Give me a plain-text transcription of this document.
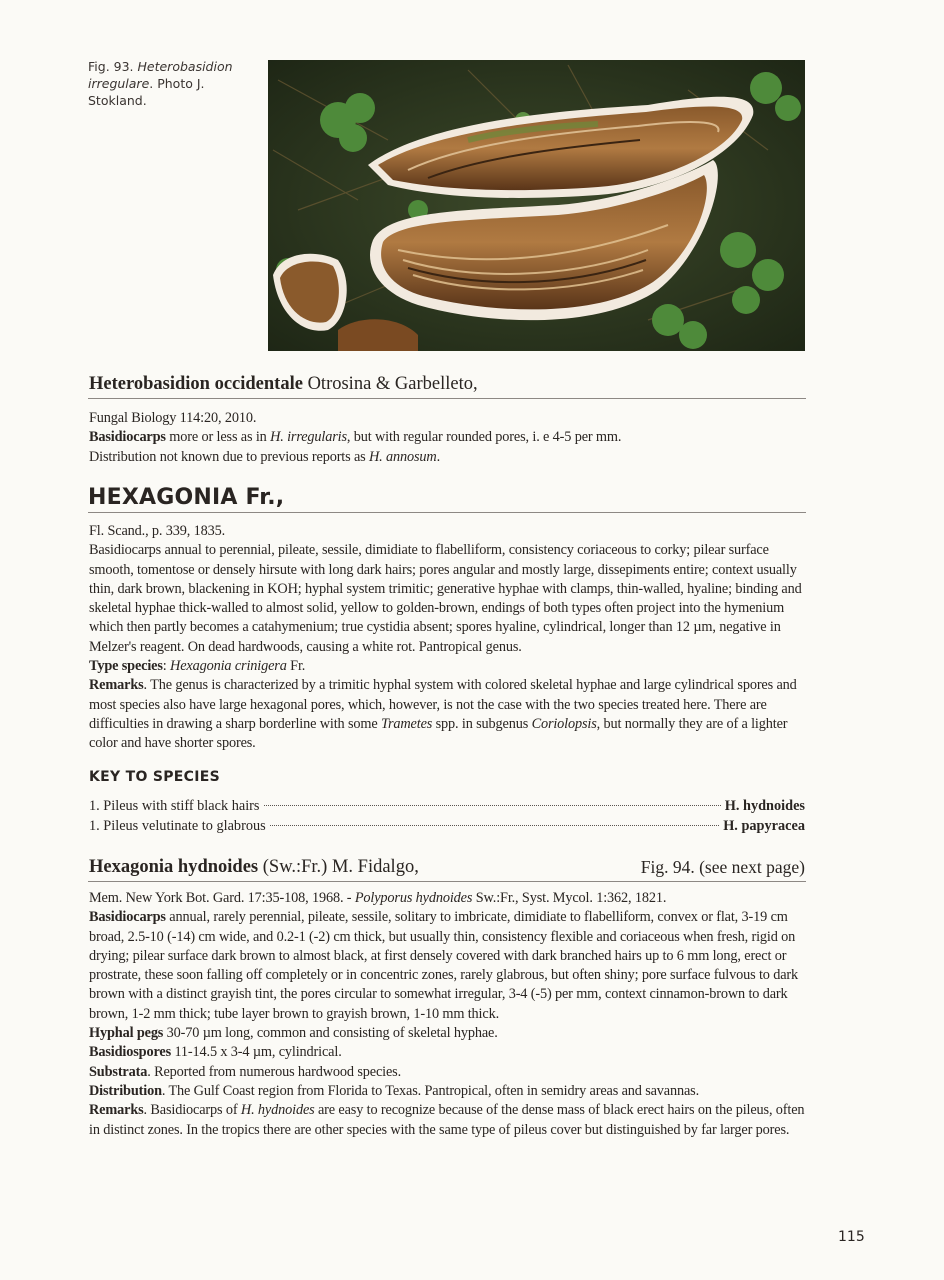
Fig. 93. Heterobasidion irregulare. Photo J. Stokland.
Heterobasidion occidentale Otrosina & Garbelleto,

Fungal Biology 114:20, 2010.

Basidiocarps more or less as in H. irregularis, but with regular rounded pores, i. e 4-5 per mm.

Distribution not known due to previous reports as H. annosum.

HEXAGONIA Fr.,

Fl. Scand., p. 339, 1835.

Basidiocarps annual to perennial, pileate, sessile, dimidiate to flabelliform, consistency coriaceous to corky; pilear surface smooth, tomentose or densely hirsute with long dark hairs; pores angular and mostly large, dissepiments entire; context usually thin, dark brown, blackening in KOH; hyphal system trimitic; generative hyphae with clamps, thin-walled, hyaline; binding and skeletal hyphae thick-walled to almost solid, yellow to golden-brown, endings of both types often project into the hymenium which then partly becomes a catahymenium; true cystidia absent; spores hyaline, cylindrical, longer than 12 µm, negative in Melzer's reagent. On dead hardwoods, causing a white rot. Pantropical genus.

Type species: Hexagonia crinigera Fr.

Remarks. The genus is characterized by a trimitic hyphal system with colored skeletal hyphae and large cylindrical spores and most species also have large hexagonal pores, which, however, is not the case with the two species treated here. There are difficulties in drawing a sharp borderline with some Trametes spp. in subgenus Coriolopsis, but normally they are of a lighter color and have shorter spores.

KEY TO SPECIES
1. Pileus with stiff black hairs	H. hydnoides
1. Pileus velutinate to glabrous	H. papyracea
Hexagonia hydnoides (Sw.:Fr.) M. Fidalgo,	Fig. 94. (see next page)

Mem. New York Bot. Gard. 17:35-108, 1968. - Polyporus hydnoides Sw.:Fr., Syst. Mycol. 1:362, 1821.

Basidiocarps annual, rarely perennial, pileate, sessile, solitary to imbricate, dimidiate to flabelliform, convex or flat, 3-19 cm broad, 2.5-10 (-14) cm wide, and 0.2-1 (-2) cm thick, but usually thin, consistency flexible and coriaceous when fresh, rigid on drying; pilear surface dark brown to almost black, at first densely covered with dark branched hairs up to 6 mm long, erect or prostrate, these soon falling off completely or in concentric zones, rarely glabrous, but often shiny; pore surface fulvous to dark brown with a distinct grayish tint, the pores circular to somewhat irregular, 3-4 (-5) per mm, context cinnamon-brown to dark brown, 1-2 mm thick; tube layer brown to grayish brown, 1-10 mm thick.

Hyphal pegs 30-70 µm long, common and consisting of skeletal hyphae.

Basidiospores 11-14.5 x 3-4 µm, cylindrical.

Substrata. Reported from numerous hardwood species.

Distribution. The Gulf Coast region from Florida to Texas. Pantropical, often in semidry areas and savannas.

Remarks. Basidiocarps of H. hydnoides are easy to recognize because of the dense mass of black erect hairs on the pileus, often in distinct zones. In the tropics there are other species with the same type of pileus cover but distinguished by far larger pores.

115
